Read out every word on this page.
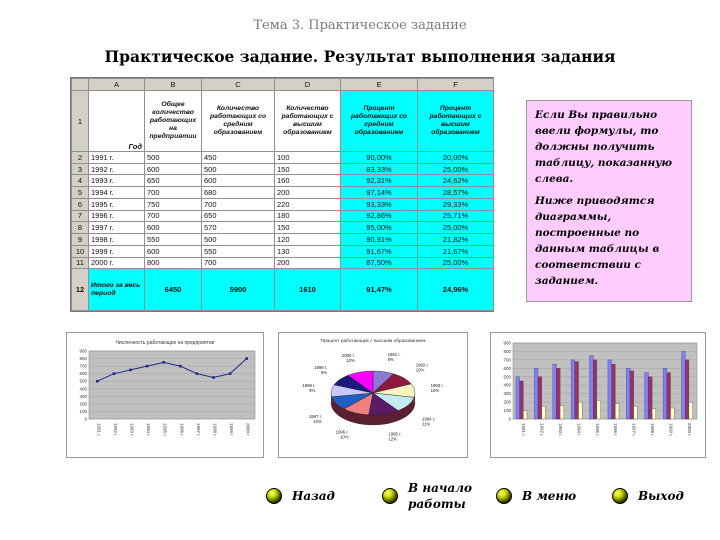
Тема 3. Практическое задание
Практическое задание. Результат выполнения задания
	A	B	C	D	E	F
1	Год	Общее количество работающих на предприятии	Количество работающих со средним образованием	Количество работающих с высшим образованием	Процент работающих со средним образованием	Процент работающих с высшим образованием
2	1991 г.	500	450	100	90,00%	20,00%
3	1992 г.	600	500	150	83,33%	25,00%
4	1993 г.	650	600	160	92,31%	24,62%
5	1994 г.	700	680	200	97,14%	28,57%
6	1995 г.	750	700	220	93,33%	29,33%
7	1996 г.	700	650	180	92,86%	25,71%
8	1997 г.	600	570	150	95,00%	25,00%
9	1998 г.	550	500	120	90,91%	21,82%
10	1999 г.	600	550	130	91,67%	21,67%
11	2000 г.	800	700	200	87,50%	25,00%
12	Итого за весь период	6450	5900	1610	91,47%	24,96%

Если Вы правильно ввели формулы, то должны получить таблицу, показанную слева.

Ниже приводятся диаграммы, построенные по данным таблицы в соответствии с заданием.

Численность работающих на предприятии
0
100
200
300
400
500
600
700
800
900
1991 г.	1992 г.	1993 г.	1994 г.	1995 г.	1996 г.	1997 г.	1998 г.	1999 г.	2000 г.
Процент работающих с высшим образованием
1991 г.
8%
1992 г.
10%
1993 г.
10%
1994 г.
11%
1995 г.
12%
1996 г.
10%
1997 г.
10%
1998 г.
9%
1999 г.
9%
2000 г.
10%
0
100
200
300
400
500
600
700
800
900
1991 г.	1992 г.	1993 г.	1994 г.	1995 г.	1996 г.	1997 г.	1998 г.	1999 г.	2000 г.
Назад
В начало
работы
В меню	Выход
